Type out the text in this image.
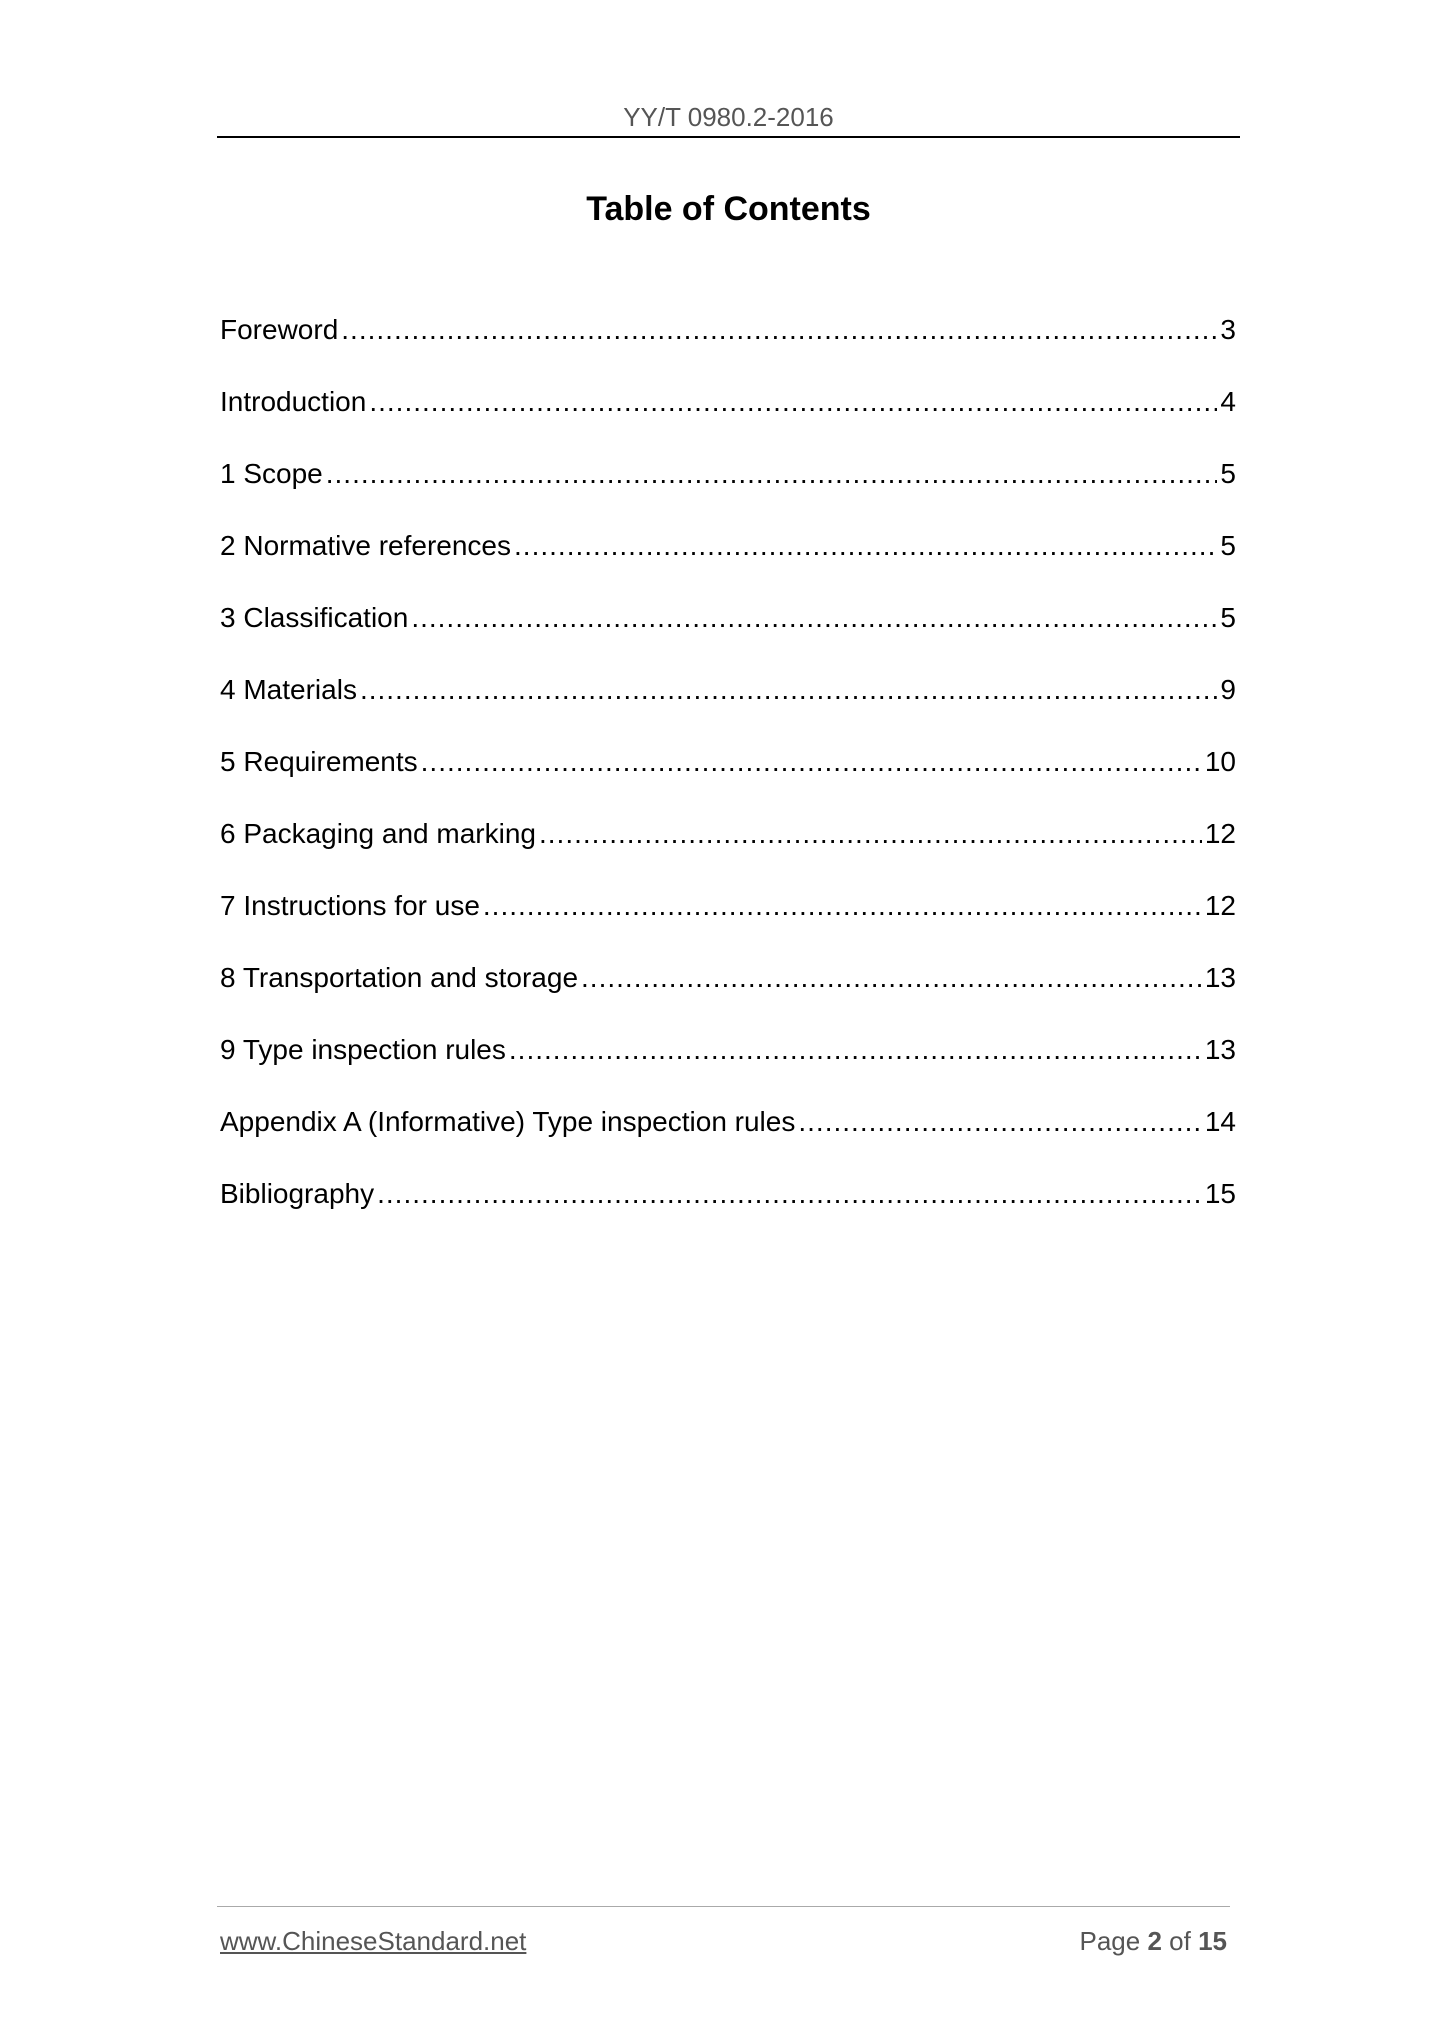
YY/T 0980.2-2016
Table of Contents
Foreword .....	3
Introduction .....	4
1 Scope .....	5
2 Normative references .....	5
3 Classification .....	5
4 Materials .....	9
5 Requirements .....	10
6 Packaging and marking .....	12
7 Instructions for use .....	12
8 Transportation and storage .....	13
9 Type inspection rules .....	13
Appendix A (Informative) Type inspection rules .....	14
Bibliography .....	15
www.ChineseStandard.net	Page 2 of 15
